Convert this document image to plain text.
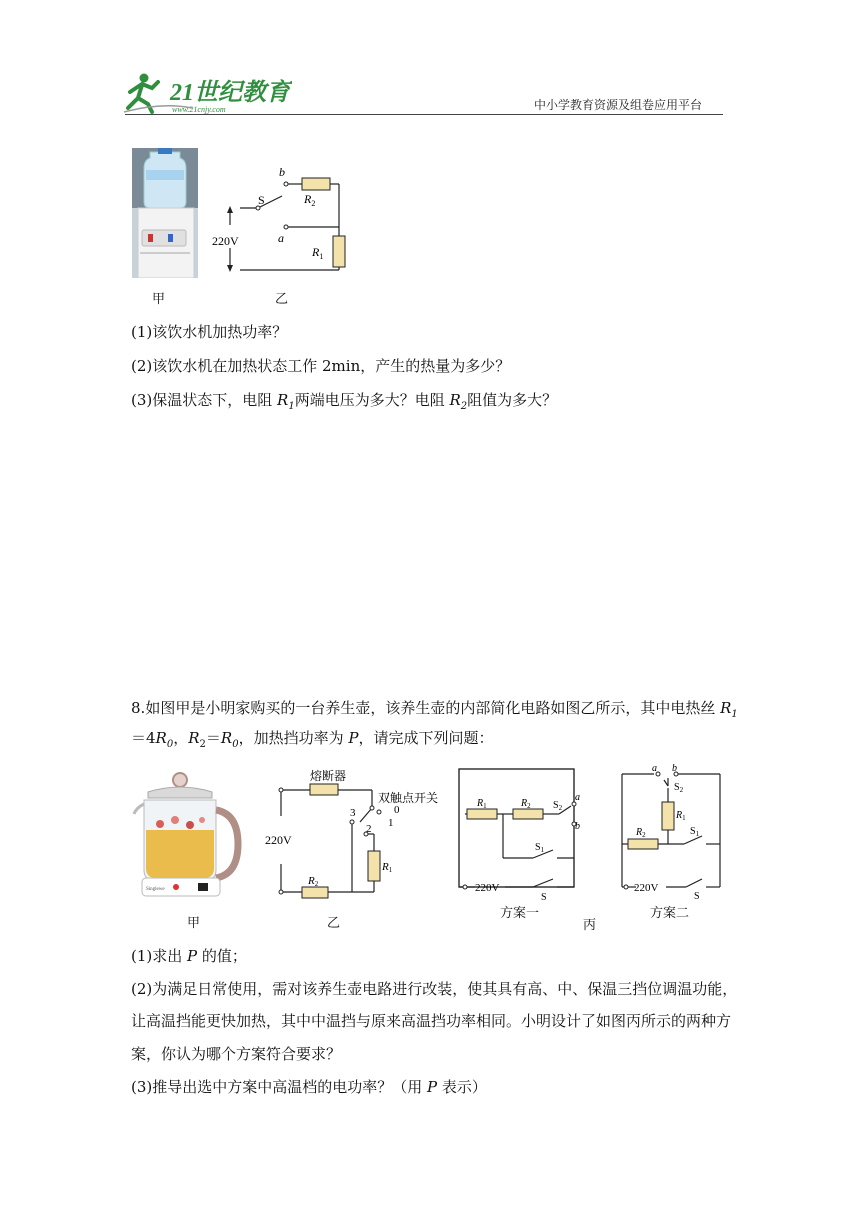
21世纪教育
www.21cnjy.com	中小学教育资源及组卷应用平台
甲
b
a
S
220V
$R_2$
$R_1$
乙
(1)该饮水机加热功率？
(2)该饮水机在加热状态工作 2min，产生的热量为多少？
(3)保温状态下，电阻 $R_1$两端电压为多大？电阻 $R_2$阻值为多大？
8.如图甲是小明家购买的一台养生壶，该养生壶的内部简化电路如图乙所示，其中电热丝 $R_1$
$=4R_0$，$R_2=R_0$，加热挡功率为 P，请完成下列问题：
Singlewe
甲
熔断器
双触点开关
220V
3
2
0
1
R2
R1
乙
$R_1$	$R_2$ $S_2$
a
b
$S_1$
220V
S
方案一
丙
a b
$S_2$
$R_1$
$R_2$	$S_1$
220V
S
方案二
(1)求出 P 的值；
(2)为满足日常使用，需对该养生壶电路进行改装，使其具有高、中、保温三挡位调温功能，
让高温挡能更快加热，其中中温挡与原来高温挡功率相同。小明设计了如图丙所示的两种方
案，你认为哪个方案符合要求？
(3)推导出选中方案中高温档的电功率？（用 P 表示）
